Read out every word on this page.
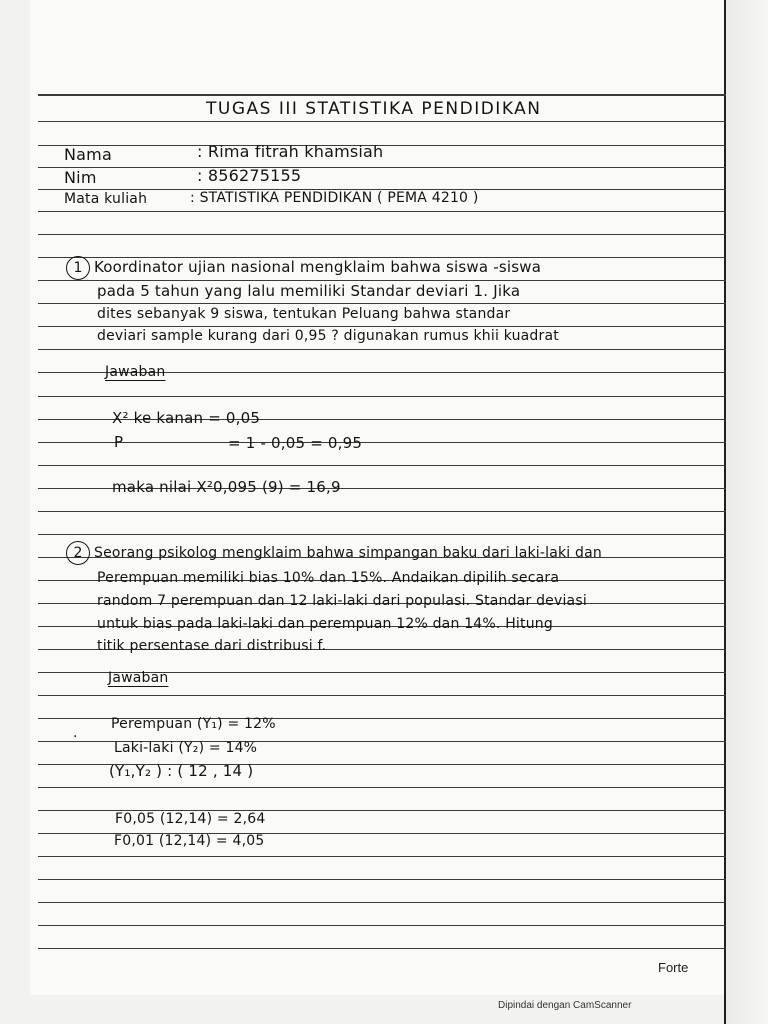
TUGAS III STATISTIKA PENDIDIKAN
Nama	: Rima fitrah khamsiah
Nim	: 856275155
Mata kuliah	: STATISTIKA PENDIDIKAN ( PEMA 4210 )
1 Koordinator ujian nasional mengklaim bahwa siswa -siswa
pada 5 tahun yang lalu memiliki Standar deviari 1. Jika
dites sebanyak 9 siswa, tentukan Peluang bahwa standar
deviari sample kurang dari 0,95 ? digunakan rumus khii kuadrat
Jawaban
X² ke kanan = 0,05
P	= 1 - 0,05 = 0,95
maka nilai X²0,095 (9) = 16,9
2 Seorang psikolog mengklaim bahwa simpangan baku dari laki-laki dan
Perempuan memiliki bias 10% dan 15%. Andaikan dipilih secara
random 7 perempuan dan 12 laki-laki dari populasi. Standar deviasi
untuk bias pada laki-laki dan perempuan 12% dan 14%. Hitung
titik persentase dari distribusi f.
Jawaban
·
Perempuan (Y₁) = 12%
Laki-laki (Y₂) = 14%
(Y₁,Y₂ ) : ( 12 , 14 )
F0,05 (12,14) = 2,64
F0,01 (12,14) = 4,05
Forte
Dipindai dengan CamScanner
